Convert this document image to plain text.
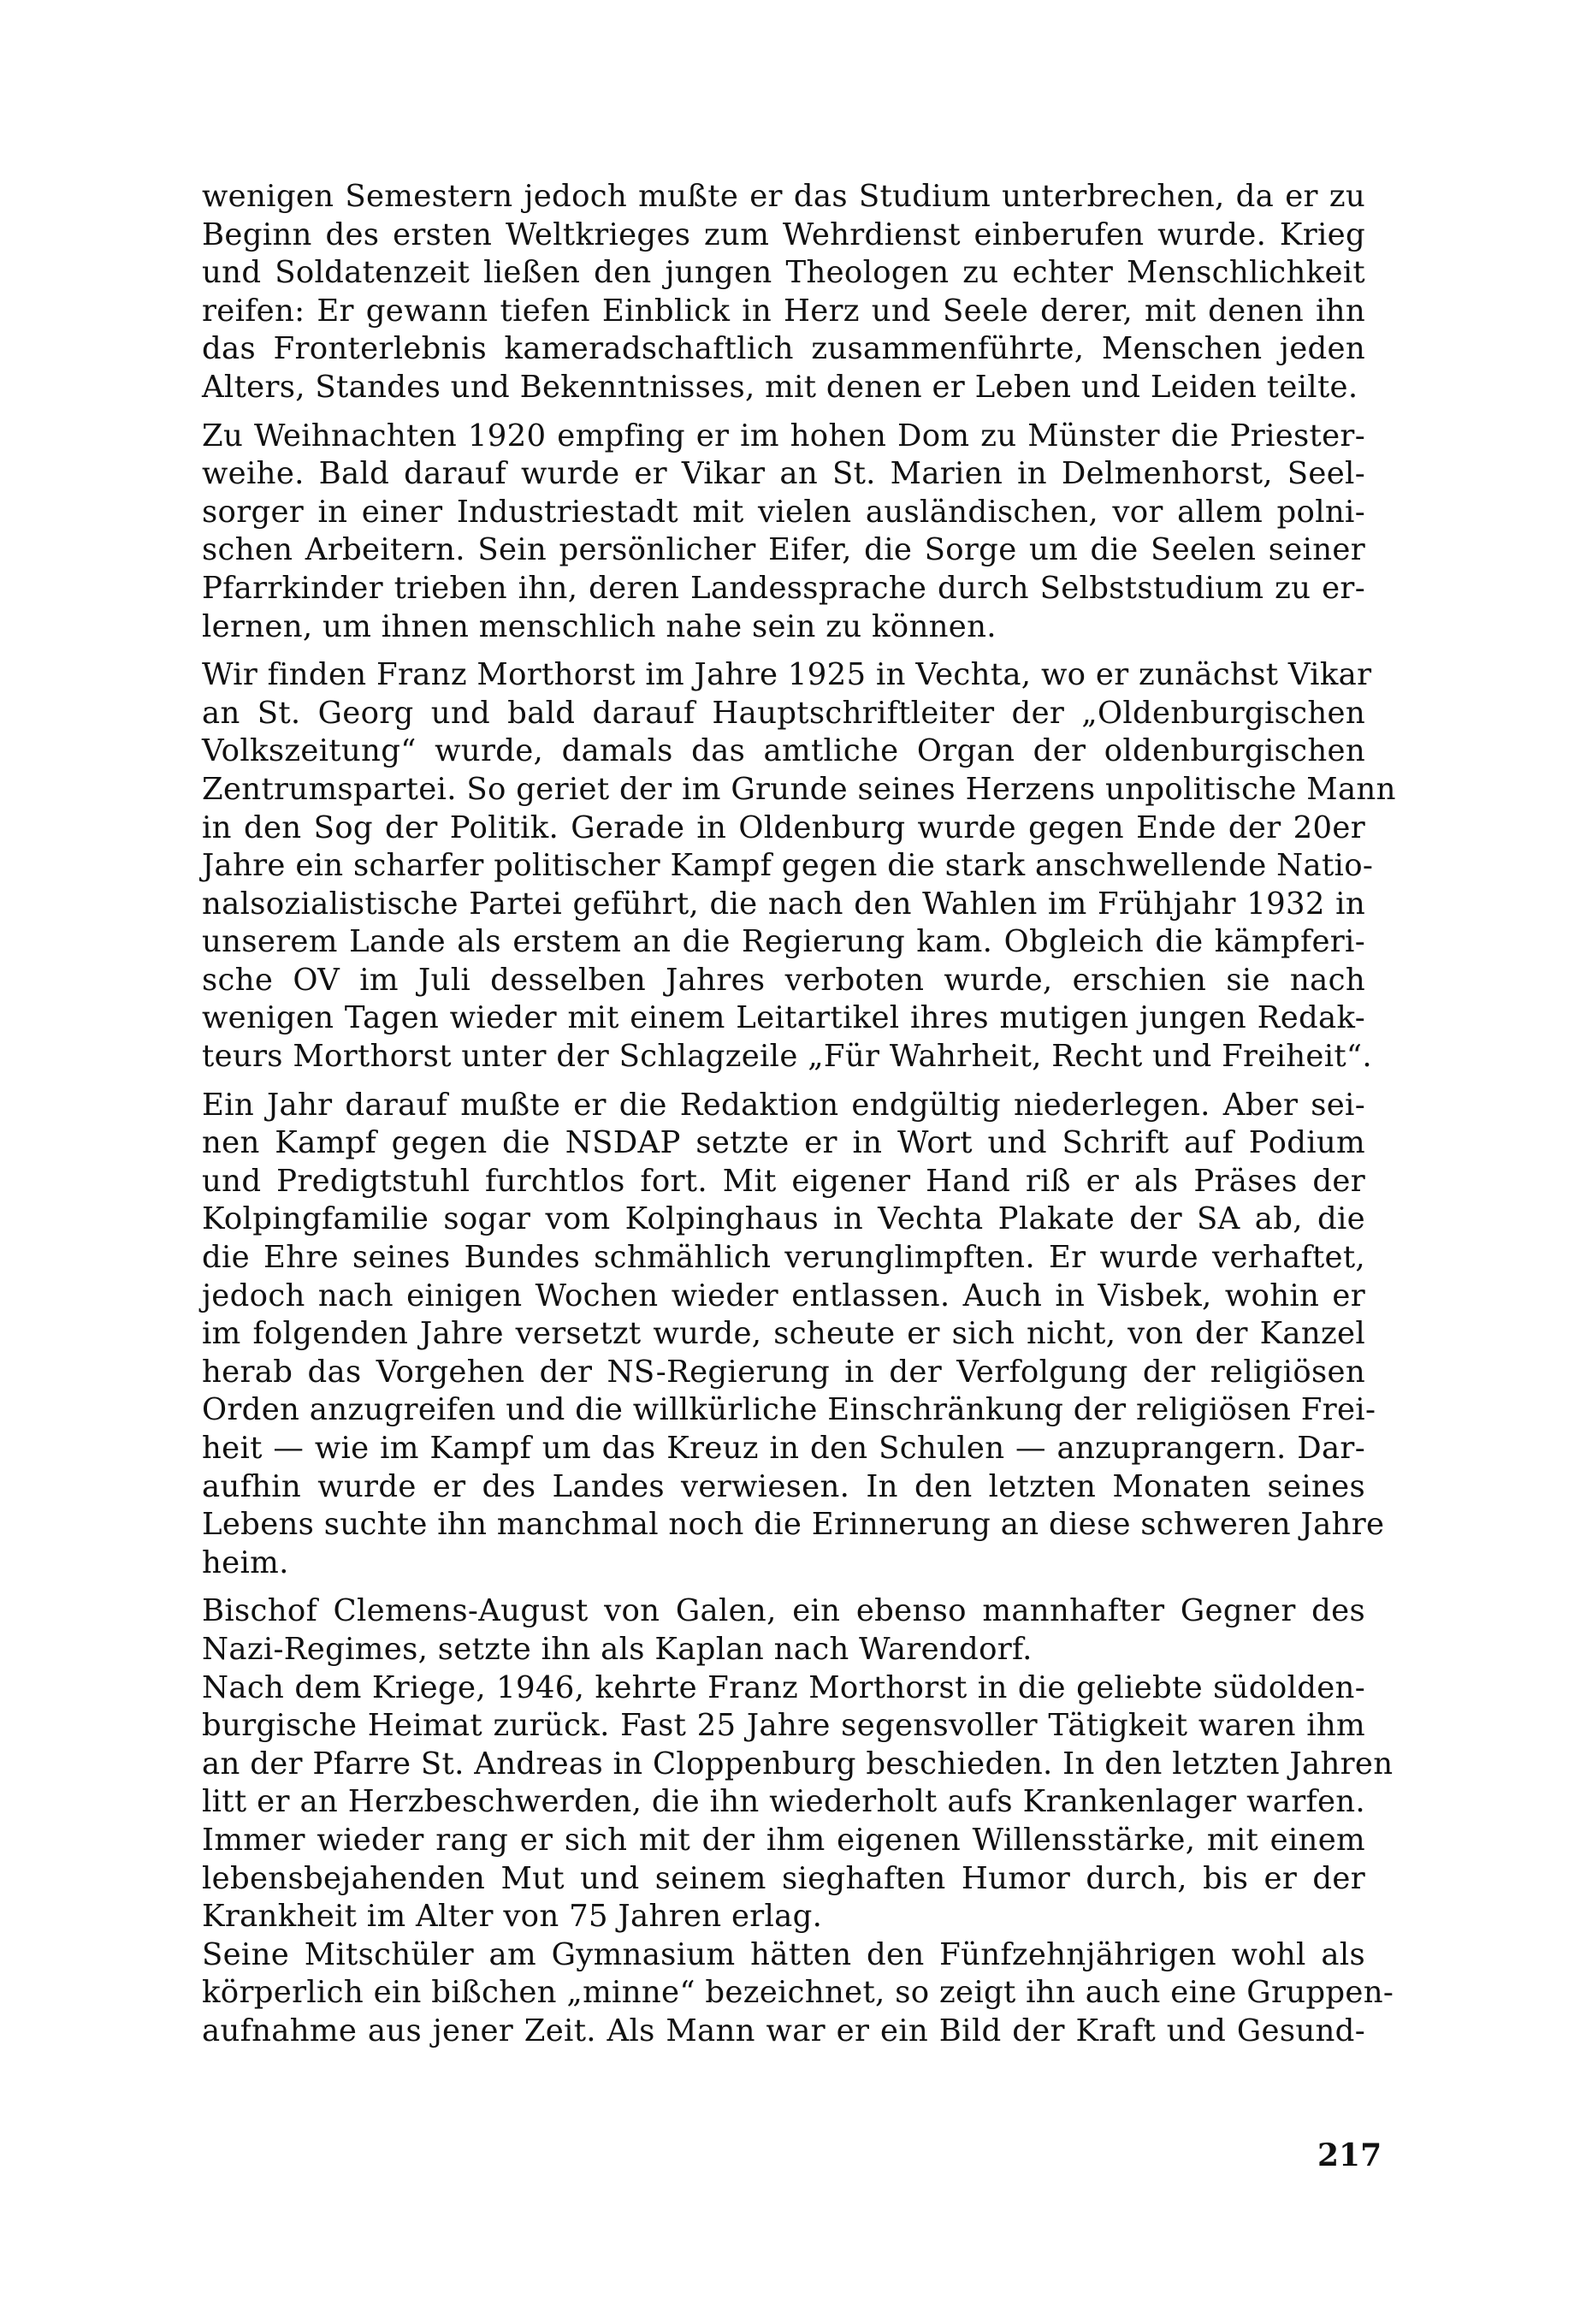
wenigen Semestern jedoch mußte er das Studium unterbrechen, da er zu
Beginn des ersten Weltkrieges zum Wehrdienst einberufen wurde. Krieg
und Soldatenzeit ließen den jungen Theologen zu echter Menschlichkeit
reifen: Er gewann tiefen Einblick in Herz und Seele derer, mit denen ihn
das Fronterlebnis kameradschaftlich zusammenführte, Menschen jeden
Alters, Standes und Bekenntnisses, mit denen er Leben und Leiden teilte.

Zu Weihnachten 1920 empfing er im hohen Dom zu Münster die Priester-
weihe. Bald darauf wurde er Vikar an St. Marien in Delmenhorst, Seel-
sorger in einer Industriestadt mit vielen ausländischen, vor allem polni-
schen Arbeitern. Sein persönlicher Eifer, die Sorge um die Seelen seiner
Pfarrkinder trieben ihn, deren Landessprache durch Selbststudium zu er-
lernen, um ihnen menschlich nahe sein zu können.

Wir finden Franz Morthorst im Jahre 1925 in Vechta, wo er zunächst Vikar
an St. Georg und bald darauf Hauptschriftleiter der „Oldenburgischen
Volkszeitung“ wurde, damals das amtliche Organ der oldenburgischen
Zentrumspartei. So geriet der im Grunde seines Herzens unpolitische Mann
in den Sog der Politik. Gerade in Oldenburg wurde gegen Ende der 20er
Jahre ein scharfer politischer Kampf gegen die stark anschwellende Natio-
nalsozialistische Partei geführt, die nach den Wahlen im Frühjahr 1932 in
unserem Lande als erstem an die Regierung kam. Obgleich die kämpferi-
sche OV im Juli desselben Jahres verboten wurde, erschien sie nach
wenigen Tagen wieder mit einem Leitartikel ihres mutigen jungen Redak-
teurs Morthorst unter der Schlagzeile „Für Wahrheit, Recht und Freiheit“.

Ein Jahr darauf mußte er die Redaktion endgültig niederlegen. Aber sei-
nen Kampf gegen die NSDAP setzte er in Wort und Schrift auf Podium
und Predigtstuhl furchtlos fort. Mit eigener Hand riß er als Präses der
Kolpingfamilie sogar vom Kolpinghaus in Vechta Plakate der SA ab, die
die Ehre seines Bundes schmählich verunglimpften. Er wurde verhaftet,
jedoch nach einigen Wochen wieder entlassen. Auch in Visbek, wohin er
im folgenden Jahre versetzt wurde, scheute er sich nicht, von der Kanzel
herab das Vorgehen der NS-Regierung in der Verfolgung der religiösen
Orden anzugreifen und die willkürliche Einschränkung der religiösen Frei-
heit — wie im Kampf um das Kreuz in den Schulen — anzuprangern. Dar-
aufhin wurde er des Landes verwiesen. In den letzten Monaten seines
Lebens suchte ihn manchmal noch die Erinnerung an diese schweren Jahre
heim.

Bischof Clemens-August von Galen, ein ebenso mannhafter Gegner des
Nazi-Regimes, setzte ihn als Kaplan nach Warendorf.

Nach dem Kriege, 1946, kehrte Franz Morthorst in die geliebte südolden-
burgische Heimat zurück. Fast 25 Jahre segensvoller Tätigkeit waren ihm
an der Pfarre St. Andreas in Cloppenburg beschieden. In den letzten Jahren
litt er an Herzbeschwerden, die ihn wiederholt aufs Krankenlager warfen.
Immer wieder rang er sich mit der ihm eigenen Willensstärke, mit einem
lebensbejahenden Mut und seinem sieghaften Humor durch, bis er der
Krankheit im Alter von 75 Jahren erlag.

Seine Mitschüler am Gymnasium hätten den Fünfzehnjährigen wohl als
körperlich ein bißchen „minne“ bezeichnet, so zeigt ihn auch eine Gruppen-
aufnahme aus jener Zeit. Als Mann war er ein Bild der Kraft und Gesund-

217
